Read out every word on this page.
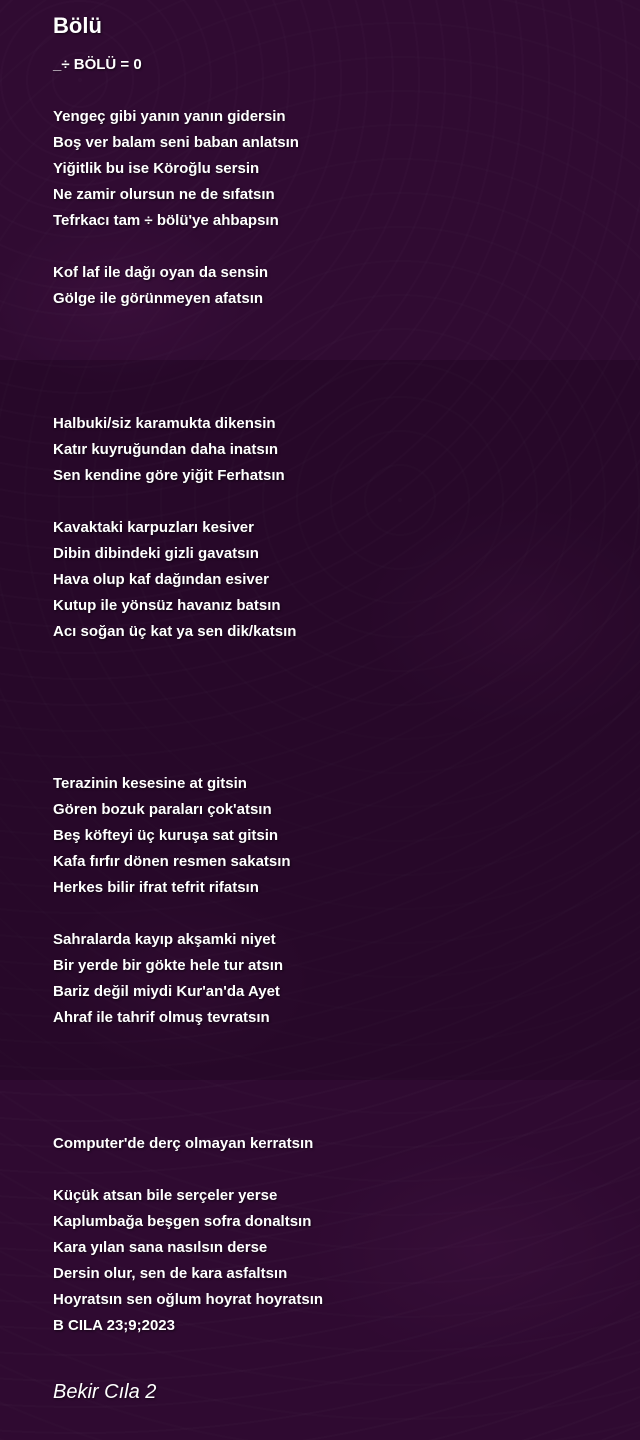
Bölü
_÷ BÖLÜ = 0
Yengeç gibi yanın yanın gidersin
Boş ver balam seni baban anlatsın
Yiğitlik bu ise Köroğlu sersin
Ne zamir olursun ne de sıfatsın
Tefrkacı tam ÷ bölü'ye ahbapsın
Kof laf ile dağı oyan da sensin
Gölge ile görünmeyen afatsın
Halbuki/siz karamukta dikensin
Katır kuyruğundan daha inatsın
Sen kendine göre yiğit Ferhatsın
Kavaktaki karpuzları kesiver
Dibin dibindeki gizli gavatsın
Hava olup kaf dağından esiver
Kutup ile yönsüz havanız batsın
Acı soğan üç kat ya sen dik/katsın
Terazinin kesesine at gitsin
Gören bozuk paraları çok'atsın
Beş köfteyi üç kuruşa sat gitsin
Kafa fırfır dönen resmen sakatsın
Herkes bilir ifrat tefrit rifatsın
Sahralarda kayıp akşamki niyet
Bir yerde bir gökte hele tur atsın
Bariz değil miydi Kur'an'da Ayet
Ahraf ile tahrif olmuş tevratsın
Computer'de derç olmayan kerratsın
Küçük atsan bile serçeler yerse
Kaplumbağa beşgen sofra donaltsın
Kara yılan sana nasılsın derse
Dersin olur, sen de kara asfaltsın
Hoyratsın sen oğlum hoyrat hoyratsın
B CILA 23;9;2023
Bekir Cıla 2
